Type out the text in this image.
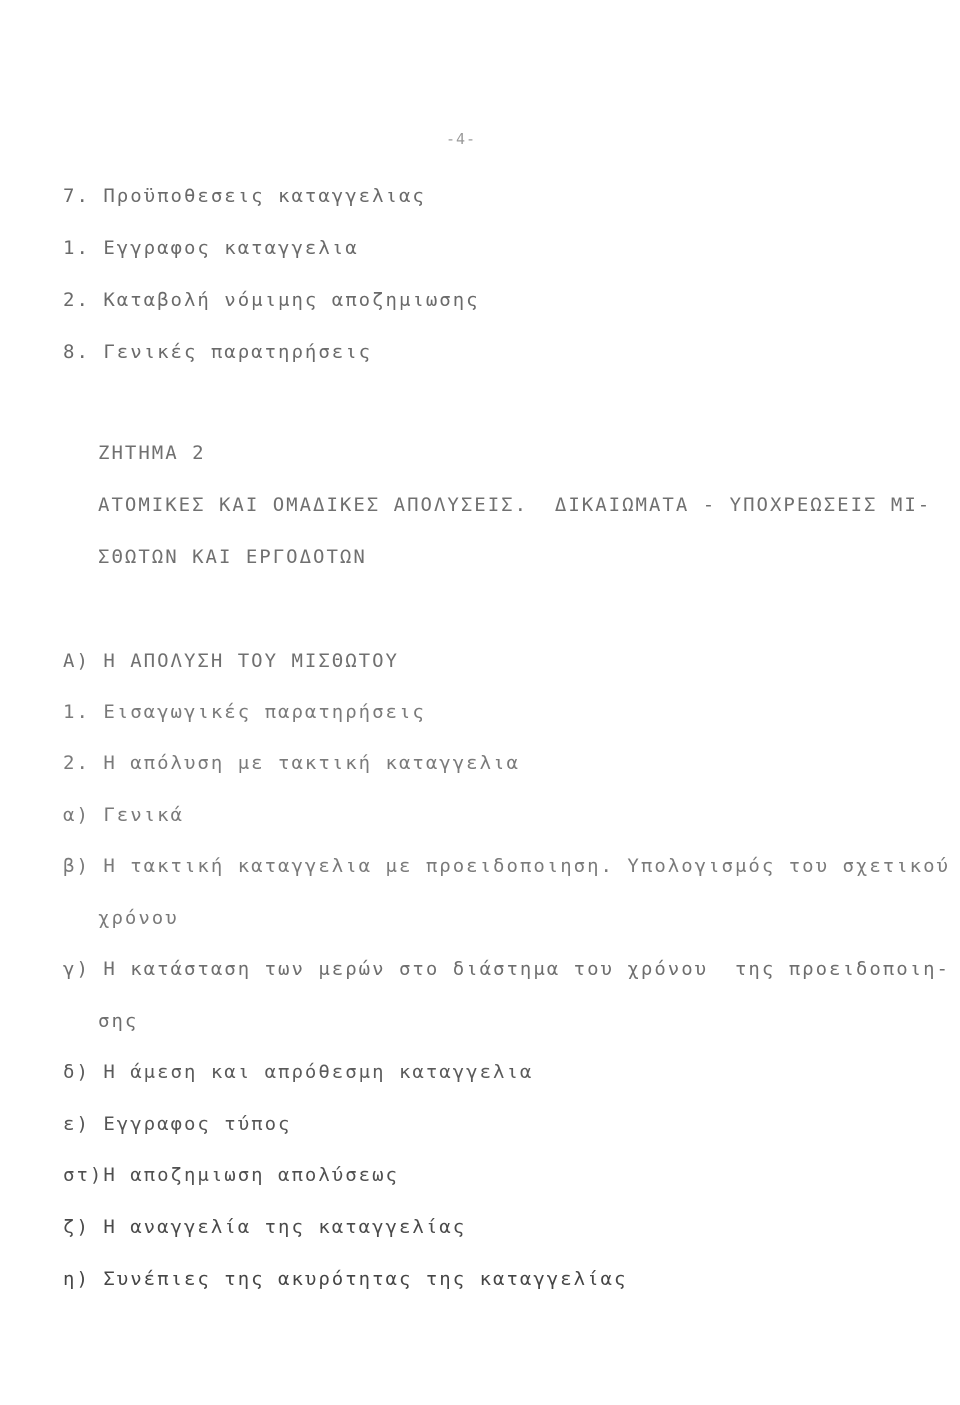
-4-
7. Προϋποθεσεις καταγγελιας
1. Εγγραφος καταγγελια
2. Καταβολή νόμιμης αποζημιωσης
8. Γενικές παρατηρήσεις
ΖΗΤΗΜΑ 2
ΑΤΟΜΙΚΕΣ ΚΑΙ ΟΜΑΔΙΚΕΣ ΑΠΟΛΥΣΕΙΣ.  ΔΙΚΑΙΩΜΑΤΑ - ΥΠΟΧΡΕΩΣΕΙΣ ΜΙ-
ΣΘΩΤΩΝ ΚΑΙ ΕΡΓΟΔΟΤΩΝ
Α) Η ΑΠΟΛΥΣΗ ΤΟΥ ΜΙΣΘΩΤΟΥ
1. Εισαγωγικές παρατηρήσεις
2. Η απόλυση με τακτική καταγγελια
α) Γενικά
β) Η τακτική καταγγελια με προειδοποιηση. Υπολογισμός του σχετικού
χρόνου
γ) Η κατάσταση των μερών στο διάστημα του χρόνου  της προειδοποιη-
σης
δ) Η άμεση και απρόθεσμη καταγγελια
ε) Εγγραφος τύπος
στ)Η αποζημιωση απολύσεως
ζ) Η αναγγελία της καταγγελίας
η) Συνέπιες της ακυρότητας της καταγγελίας
